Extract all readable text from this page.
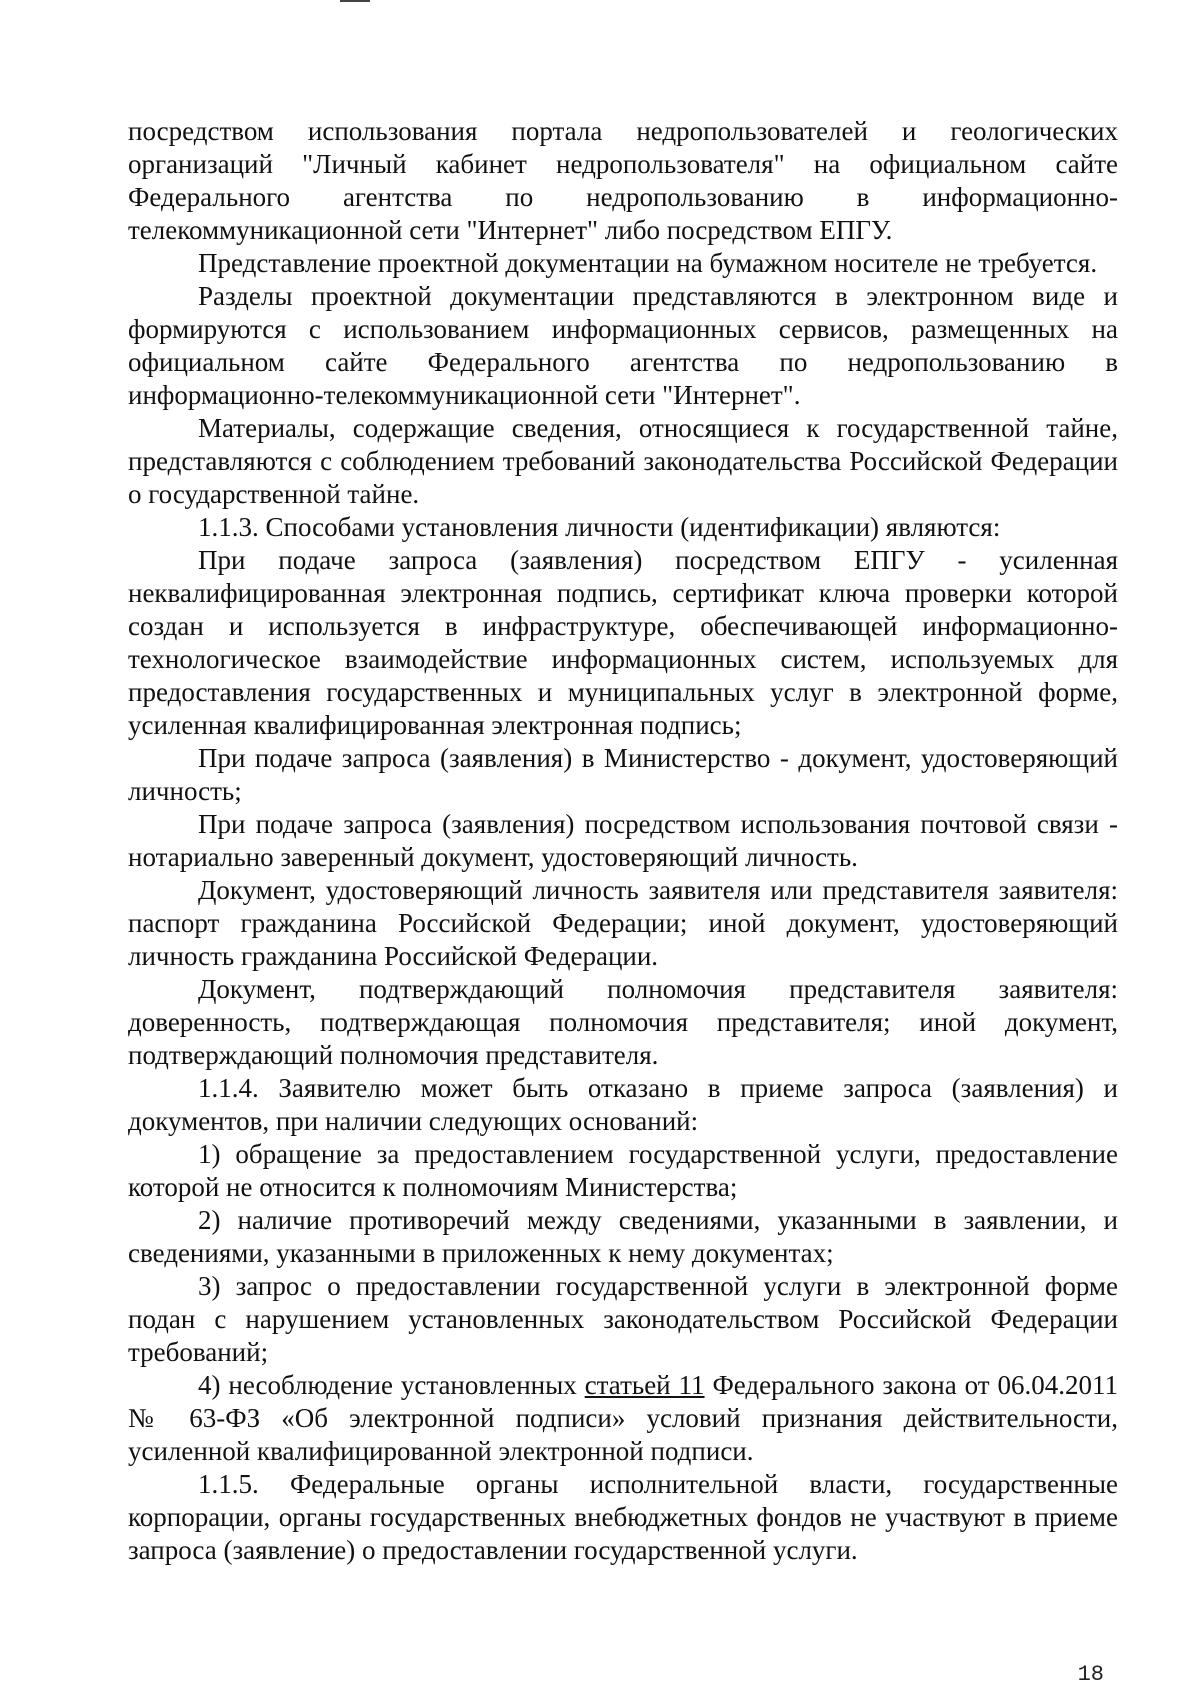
посредством использования портала недропользователей и геологических организаций "Личный кабинет недропользователя" на официальном сайте Федерального агентства по недропользованию в информационно-телекоммуникационной сети "Интернет" либо посредством ЕПГУ.

Представление проектной документации на бумажном носителе не требуется.

Разделы проектной документации представляются в электронном виде и формируются с использованием информационных сервисов, размещенных на официальном сайте Федерального агентства по недропользованию в информационно-телекоммуникационной сети "Интернет".

Материалы, содержащие сведения, относящиеся к государственной тайне, представляются с соблюдением требований законодательства Российской Федерации о государственной тайне.

1.1.3. Способами установления личности (идентификации) являются:

При подаче запроса (заявления) посредством ЕПГУ - усиленная неквалифицированная электронная подпись, сертификат ключа проверки которой создан и используется в инфраструктуре, обеспечивающей информационно-технологическое взаимодействие информационных систем, используемых для предоставления государственных и муниципальных услуг в электронной форме, усиленная квалифицированная электронная подпись;

При подаче запроса (заявления) в Министерство - документ, удостоверяющий личность;

При подаче запроса (заявления) посредством использования почтовой связи - нотариально заверенный документ, удостоверяющий личность.

Документ, удостоверяющий личность заявителя или представителя заявителя: паспорт гражданина Российской Федерации; иной документ, удостоверяющий личность гражданина Российской Федерации.

Документ, подтверждающий полномочия представителя заявителя: доверенность, подтверждающая полномочия представителя; иной документ, подтверждающий полномочия представителя.

1.1.4. Заявителю может быть отказано в приеме запроса (заявления) и документов, при наличии следующих оснований:

1) обращение за предоставлением государственной услуги, предоставление которой не относится к полномочиям Министерства;

2) наличие противоречий между сведениями, указанными в заявлении, и сведениями, указанными в приложенных к нему документах;

3) запрос о предоставлении государственной услуги в электронной форме подан с нарушением установленных законодательством Российской Федерации требований;

4) несоблюдение установленных статьей 11 Федерального закона от 06.04.2011 № 63-ФЗ «Об электронной подписи» условий признания действительности, усиленной квалифицированной электронной подписи.

1.1.5. Федеральные органы исполнительной власти, государственные корпорации, органы государственных внебюджетных фондов не участвуют в приеме запроса (заявление) о предоставлении государственной услуги.

18
